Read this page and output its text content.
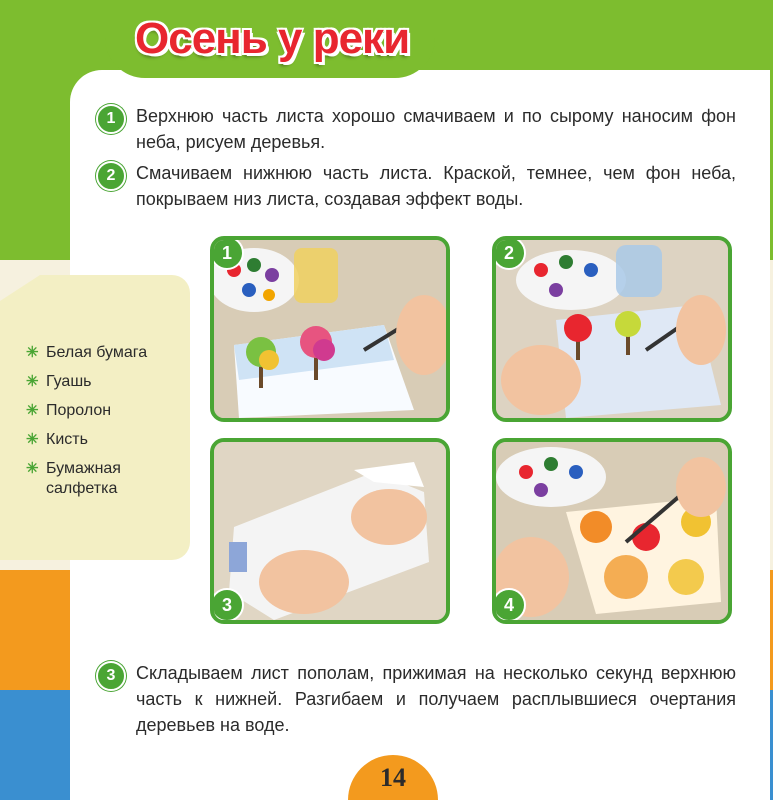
Осень у реки
1	Верхнюю часть листа хорошо смачиваем и по сырому наносим фон неба, рисуем деревья.
2	Смачиваем нижнюю часть листа. Краской, темнее, чем фон неба, покрываем низ листа, создавая эффект воды.
✳ Белая бумага
✳ Гуашь
✳ Поролон
✳ Кисть
✳ Бумажная салфетка
1	2
3	4
3	Складываем лист пополам, прижимая на несколько секунд верхнюю часть к нижней. Разгибаем и получаем расплывшиеся очертания деревьев на воде.
14
